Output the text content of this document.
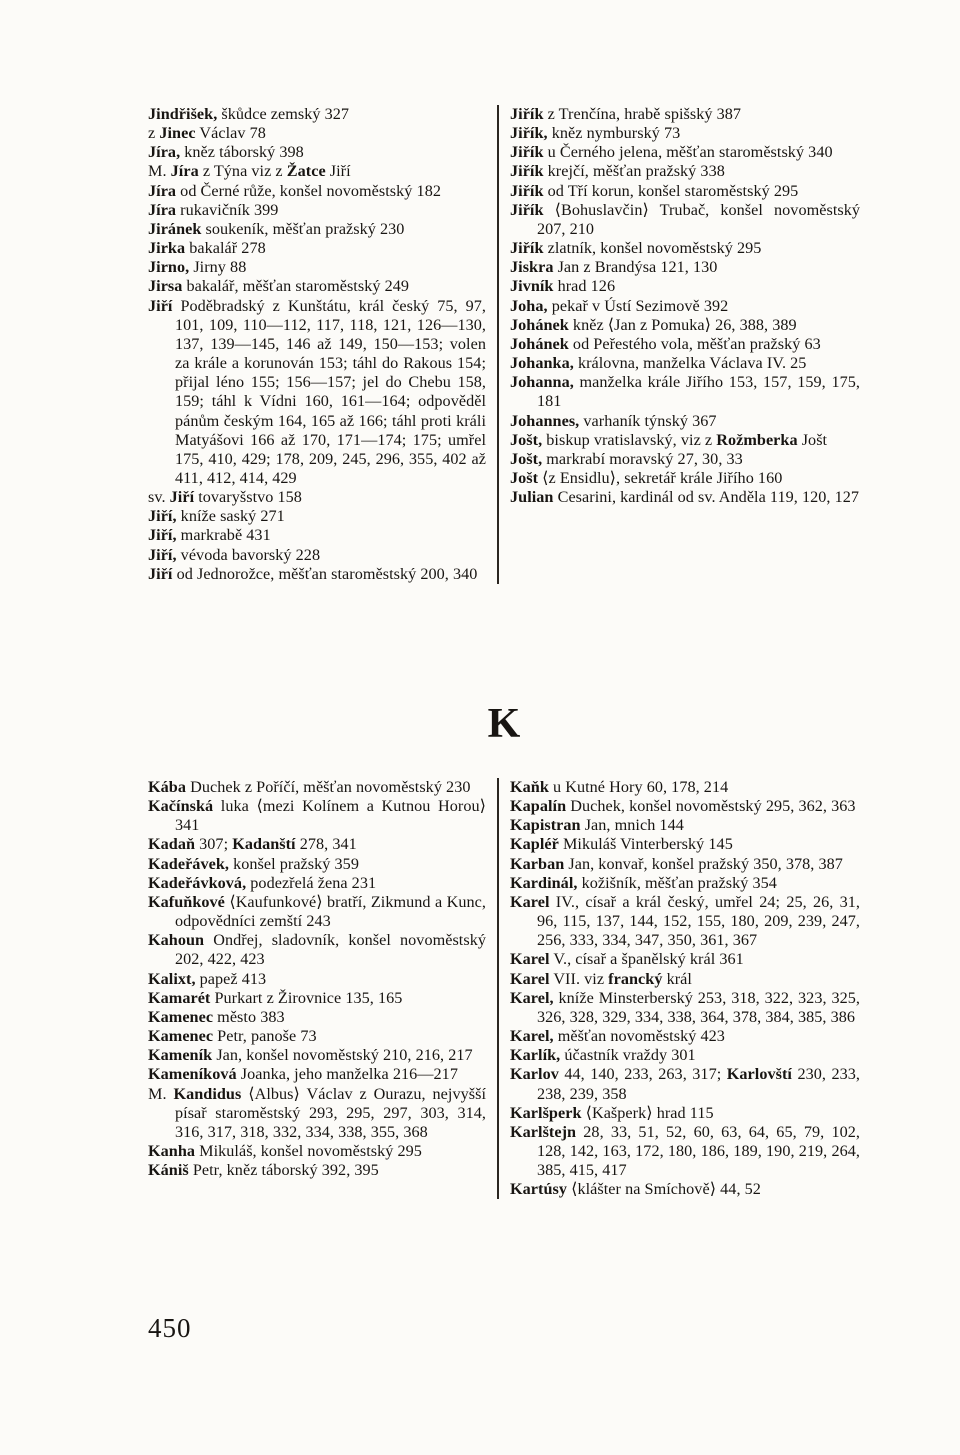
Jindřišek, škůdce zemský 327
z Jinec Václav 78
Jíra, kněz táborský 398
M. Jíra z Týna viz z Žatce Jiří
Jíra od Černé růže, konšel novoměstský 182
Jíra rukavičník 399
Jiránek soukeník, měšťan pražský 230
Jirka bakalář 278
Jirno, Jirny 88
Jirsa bakalář, měšťan staroměstský 249
Jiří Poděbradský z Kunštátu, král český 75, 97, 101, 109, 110—112, 117, 118, 121, 126—130, 137, 139—145, 146 až 149, 150—153; volen za krále a korunován 153; táhl do Rakous 154; přijal léno 155; 156—157; jel do Chebu 158, 159; táhl k Vídni 160, 161—164; odpověděl pánům českým 164, 165 až 166; táhl proti králi Matyášovi 166 až 170, 171—174; 175; umřel 175, 410, 429; 178, 209, 245, 296, 355, 402 až 411, 412, 414, 429
sv. Jiří tovaryšstvo 158
Jiří, kníže saský 271
Jiří, markrabě 431
Jiří, vévoda bavorský 228
Jiří od Jednorožce, měšťan staroměstský 200, 340
Jiřík z Trenčína, hrabě spišský 387
Jiřík, kněz nymburský 73
Jiřík u Černého jelena, měšťan staroměstský 340
Jiřík krejčí, měšťan pražský 338
Jiřík od Tří korun, konšel staroměstský 295
Jiřík ⟨Bohuslavčin⟩ Trubač, konšel novoměstský 207, 210
Jiřík zlatník, konšel novoměstský 295
Jiskra Jan z Brandýsa 121, 130
Jivník hrad 126
Joha, pekař v Ústí Sezimově 392
Johánek kněz ⟨Jan z Pomuka⟩ 26, 388, 389
Johánek od Peřestého vola, měšťan pražský 63
Johanka, královna, manželka Václava IV. 25
Johanna, manželka krále Jiřího 153, 157, 159, 175, 181
Johannes, varhaník týnský 367
Jošt, biskup vratislavský, viz z Rožmberka Jošt
Jošt, markrabí moravský 27, 30, 33
Jošt ⟨z Ensidlu⟩, sekretář krále Jiřího 160
Julian Cesarini, kardinál od sv. Anděla 119, 120, 127
K
Kába Duchek z Poříčí, měšťan novoměstský 230
Kačínská luka ⟨mezi Kolínem a Kutnou Horou⟩ 341
Kadaň 307; Kadanští 278, 341
Kadeřávek, konšel pražský 359
Kadeřávková, podezřelá žena 231
Kafuňkové ⟨Kaufunkové⟩ bratří, Zikmund a Kunc, odpovědníci zemští 243
Kahoun Ondřej, sladovník, konšel novoměstský 202, 422, 423
Kalixt, papež 413
Kamarét Purkart z Žirovnice 135, 165
Kamenec město 383
Kamenec Petr, panoše 73
Kameník Jan, konšel novoměstský 210, 216, 217
Kameníková Joanka, jeho manželka 216—217
M. Kandidus ⟨Albus⟩ Václav z Ourazu, nejvyšší písař staroměstský 293, 295, 297, 303, 314, 316, 317, 318, 332, 334, 338, 355, 368
Kanha Mikuláš, konšel novoměstský 295
Kániš Petr, kněz táborský 392, 395
Kaňk u Kutné Hory 60, 178, 214
Kapalín Duchek, konšel novoměstský 295, 362, 363
Kapistran Jan, mnich 144
Kapléř Mikuláš Vinterberský 145
Karban Jan, konvař, konšel pražský 350, 378, 387
Kardinál, kožišník, měšťan pražský 354
Karel IV., císař a král český, umřel 24; 25, 26, 31, 96, 115, 137, 144, 152, 155, 180, 209, 239, 247, 256, 333, 334, 347, 350, 361, 367
Karel V., císař a španělský král 361
Karel VII. viz francký král
Karel, kníže Minsterberský 253, 318, 322, 323, 325, 326, 328, 329, 334, 338, 364, 378, 384, 385, 386
Karel, měšťan novoměstský 423
Karlík, účastník vraždy 301
Karlov 44, 140, 233, 263, 317; Karlovští 230, 233, 238, 239, 358
Karlšperk ⟨Kašperk⟩ hrad 115
Karlštejn 28, 33, 51, 52, 60, 63, 64, 65, 79, 102, 128, 142, 163, 172, 180, 186, 189, 190, 219, 264, 385, 415, 417
Kartúsy ⟨klášter na Smíchově⟩ 44, 52
450
